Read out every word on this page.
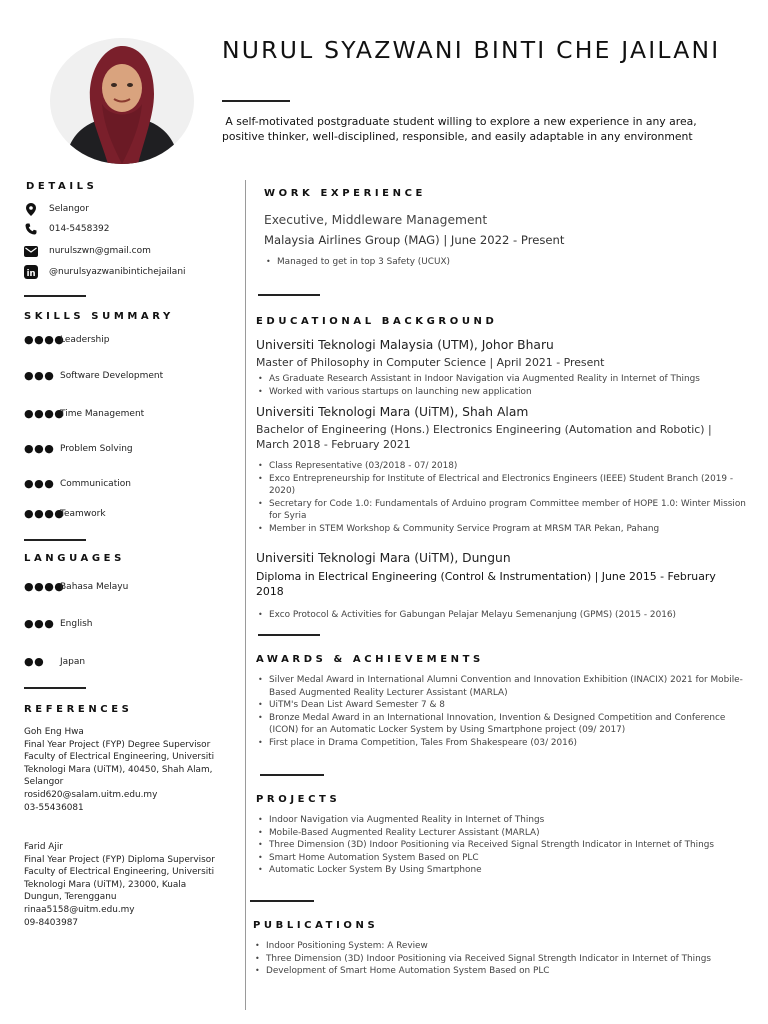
NURUL SYAZWANI BINTI CHE JAILANI
A self-motivated postgraduate student willing to explore a new experience in any area,
positive thinker, well-disciplined, responsible, and easily adaptable in any environment
DETAILS
Selangor
014-5458392
nurulszwn@gmail.com
in @nurulsyazwanibintichejailani
SKILLS SUMMARY
●●●●
Leadership
●●● Software Development
●●●●
Time Management
●●● Problem Solving
●●● Communication
●●●●
Teamwork
LANGUAGES
●●●●
Bahasa Melayu
●●● English
●●	Japan
REFERENCES
Goh Eng Hwa
Final Year Project (FYP) Degree Supervisor
Faculty of Electrical Engineering, Universiti
Teknologi Mara (UiTM), 40450, Shah Alam,
Selangor
rosid620@salam.uitm.edu.my
03-55436081
Farid Ajir
Final Year Project (FYP) Diploma Supervisor
Faculty of Electrical Engineering, Universiti
Teknologi Mara (UiTM), 23000, Kuala
Dungun, Terengganu
rinaa5158@uitm.edu.my
09-8403987
WORK EXPERIENCE
Executive, Middleware Management
Malaysia Airlines Group (MAG) | June 2022 - Present
• Managed to get in top 3 Safety (UCUX)
EDUCATIONAL BACKGROUND
Universiti Teknologi Malaysia (UTM), Johor Bharu
Master of Philosophy in Computer Science | April 2021 - Present
• As Graduate Research Assistant in Indoor Navigation via Augmented Reality in Internet of Things
• Worked with various startups on launching new application
Universiti Teknologi Mara (UiTM), Shah Alam
Bachelor of Engineering (Hons.) Electronics Engineering (Automation and Robotic) |
March 2018 - February 2021
• Class Representative (03/2018 - 07/ 2018)
• Exco Entrepreneurship for Institute of Electrical and Electronics Engineers (IEEE) Student Branch (2019 - 2020)
• Secretary for Code 1.0: Fundamentals of Arduino program Committee member of HOPE 1.0: Winter Mission for Syria
• Member in STEM Workshop & Community Service Program at MRSM TAR Pekan, Pahang
Universiti Teknologi Mara (UiTM), Dungun
Diploma in Electrical Engineering (Control & Instrumentation) | June 2015 - February
2018
• Exco Protocol & Activities for Gabungan Pelajar Melayu Semenanjung (GPMS) (2015 - 2016)
AWARDS & ACHIEVEMENTS
• Silver Medal Award in International Alumni Convention and Innovation Exhibition (INACIX) 2021 for Mobile-Based Augmented Reality Lecturer Assistant (MARLA)
• UiTM's Dean List Award Semester 7 & 8
• Bronze Medal Award in an International Innovation, Invention & Designed Competition and Conference (ICON) for an Automatic Locker System by Using Smartphone project (09/ 2017)
• First place in Drama Competition, Tales From Shakespeare (03/ 2016)
PROJECTS
• Indoor Navigation via Augmented Reality in Internet of Things
• Mobile-Based Augmented Reality Lecturer Assistant (MARLA)
• Three Dimension (3D) Indoor Positioning via Received Signal Strength Indicator in Internet of Things
• Smart Home Automation System Based on PLC
• Automatic Locker System By Using Smartphone
PUBLICATIONS
• Indoor Positioning System: A Review
• Three Dimension (3D) Indoor Positioning via Received Signal Strength Indicator in Internet of Things
• Development of Smart Home Automation System Based on PLC
